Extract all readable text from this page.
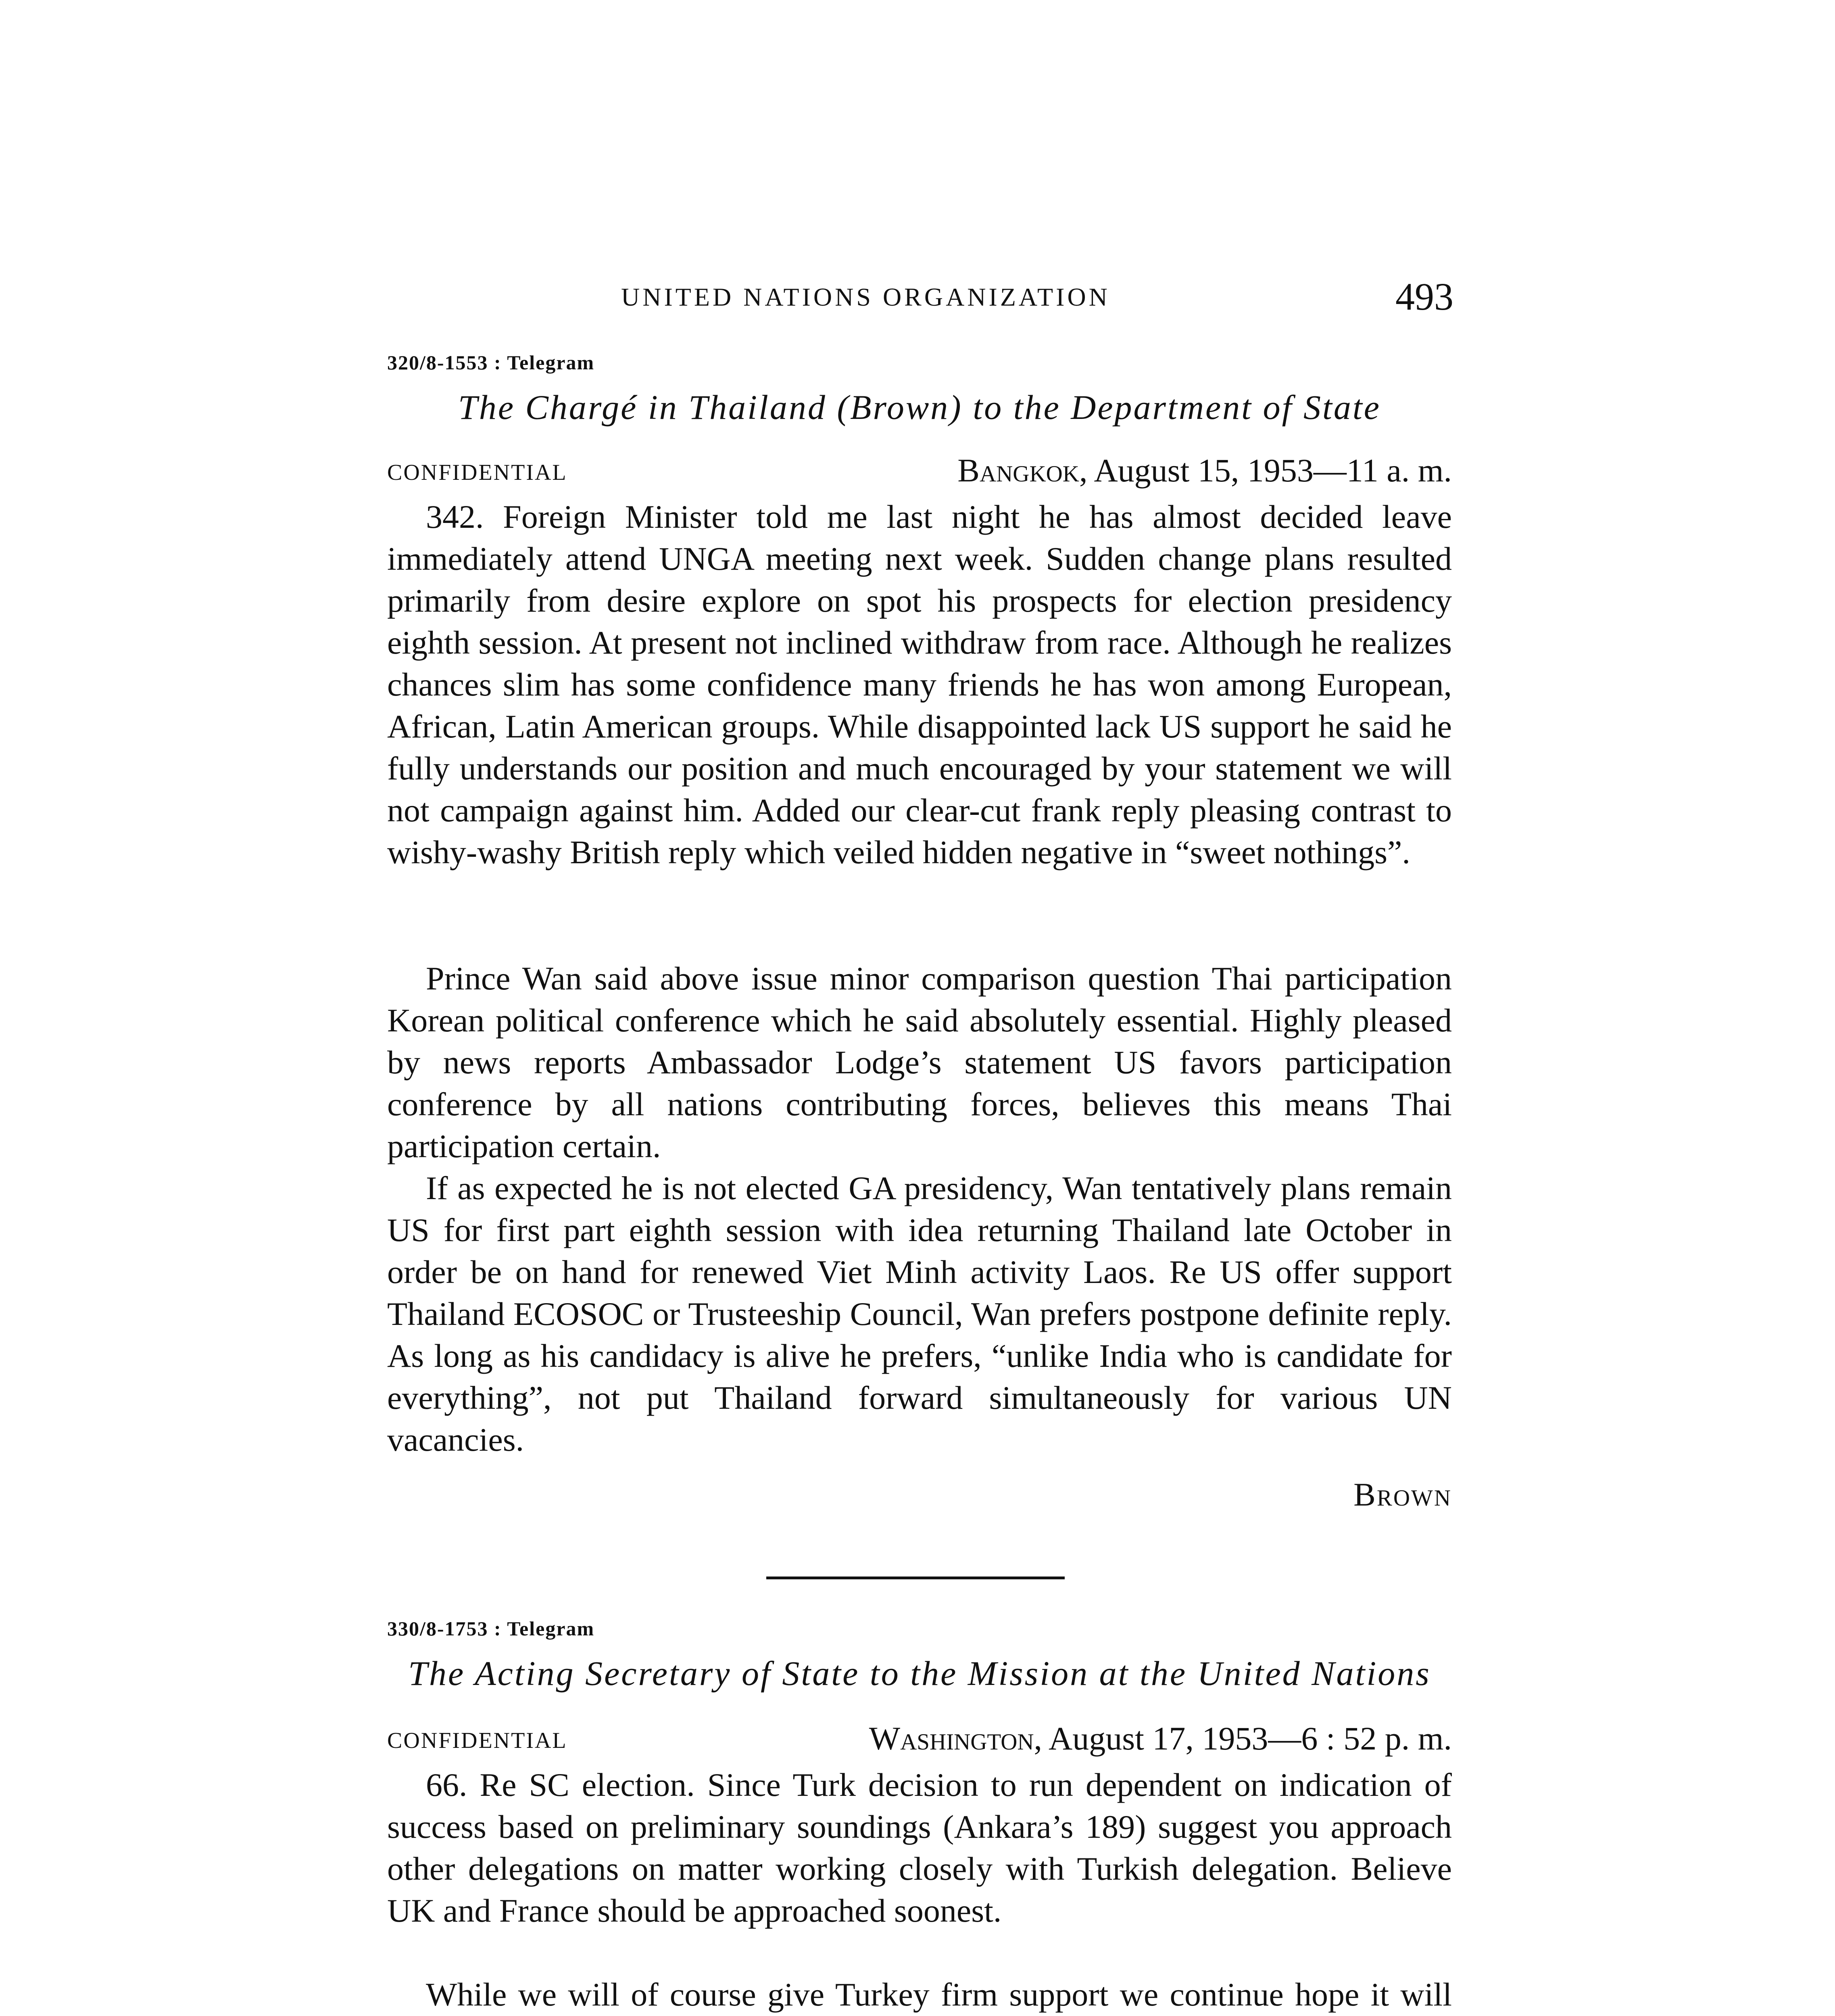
UNITED NATIONS ORGANIZATION	493
320/8-1553 : Telegram
The Chargé in Thailand (Brown) to the Department of State
CONFIDENTIAL	Bangkok, August 15, 1953—11 a. m.

342. Foreign Minister told me last night he has almost decided leave immediately attend UNGA meeting next week. Sudden change plans resulted primarily from desire explore on spot his prospects for election presidency eighth session. At present not inclined withdraw from race. Although he realizes chances slim has some confidence many friends he has won among European, African, Latin American groups. While disappointed lack US support he said he fully understands our position and much encouraged by your statement we will not campaign against him. Added our clear-cut frank reply pleasing contrast to wishy-washy British reply which veiled hidden negative in “sweet nothings”.

Prince Wan said above issue minor comparison question Thai participation Korean political conference which he said absolutely essential. Highly pleased by news reports Ambassador Lodge’s statement US favors participation conference by all nations contributing forces, believes this means Thai participation certain.

If as expected he is not elected GA presidency, Wan tentatively plans remain US for first part eighth session with idea returning Thailand late October in order be on hand for renewed Viet Minh activity Laos. Re US offer support Thailand ECOSOC or Trusteeship Council, Wan prefers postpone definite reply. As long as his candidacy is alive he prefers, “unlike India who is candidate for everything”, not put Thailand forward simultaneously for various UN vacancies.

Brown
330/8-1753 : Telegram
The Acting Secretary of State to the Mission at the United Nations
CONFIDENTIAL	Washington, August 17, 1953—6 : 52 p. m.

66. Re SC election. Since Turk decision to run dependent on indication of success based on preliminary soundings (Ankara’s 189) suggest you approach other delegations on matter working closely with Turkish delegation. Believe UK and France should be approached soonest.

While we will of course give Turkey firm support we continue hope it will
